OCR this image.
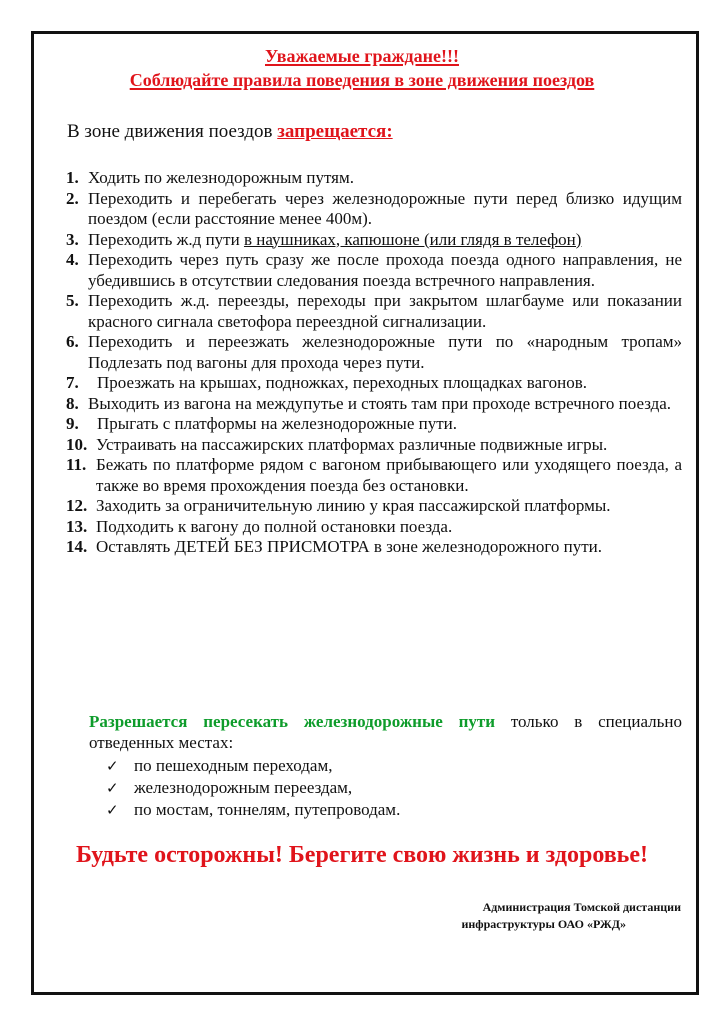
Уважаемые граждане!!!
Соблюдайте правила поведения в зоне движения поездов
В зоне движения поездов запрещается:
1. Ходить по железнодорожным путям.
2. Переходить и перебегать через железнодорожные пути перед близко идущим поездом (если расстояние менее 400м).
3. Переходить ж.д пути в наушниках, капюшоне (или глядя в телефон)
4. Переходить через путь сразу же после прохода поезда одного направления, не убедившись в отсутствии следования поезда встречного направления.
5. Переходить ж.д. переезды, переходы при закрытом шлагбауме или показании красного сигнала светофора переездной сигнализации.
6. Переходить и переезжать железнодорожные пути по «народным тропам» Подлезать под вагоны для прохода через пути.
7.	Проезжать на крышах, подножках, переходных площадках вагонов.
8. Выходить из вагона на междупутье и стоять там при проходе встречного поезда.
9.	Прыгать с платформы на железнодорожные пути.
10. Устраивать на пассажирских платформах различные подвижные игры.
11. Бежать по платформе рядом с вагоном прибывающего или уходящего поезда, а также во время прохождения поезда без остановки.
12. Заходить за ограничительную линию у края пассажирской платформы.
13. Подходить к вагону до полной остановки поезда.
14. Оставлять ДЕТЕЙ БЕЗ ПРИСМОТРА в зоне железнодорожного пути.
Разрешается пересекать железнодорожные пути только в специально отведенных местах:
✓ по пешеходным переходам,
✓ железнодорожным переездам,
✓ по мостам, тоннелям, путепроводам.
Будьте осторожны! Берегите свою жизнь и здоровье!
Администрация Томской дистанции
инфраструктуры ОАО «РЖД»
